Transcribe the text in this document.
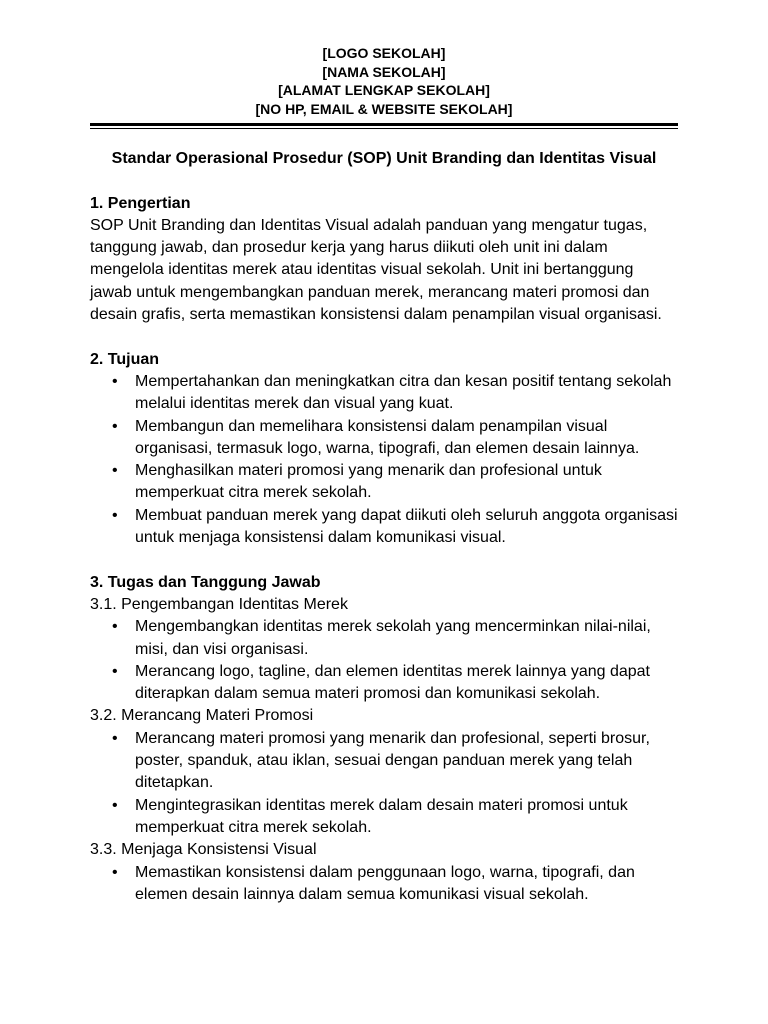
[LOGO SEKOLAH]
[NAMA SEKOLAH]
[ALAMAT LENGKAP SEKOLAH]
[NO HP, EMAIL & WEBSITE SEKOLAH]

Standar Operasional Prosedur (SOP) Unit Branding dan Identitas Visual

1. Pengertian

SOP Unit Branding dan Identitas Visual adalah panduan yang mengatur tugas, tanggung jawab, dan prosedur kerja yang harus diikuti oleh unit ini dalam mengelola identitas merek atau identitas visual sekolah. Unit ini bertanggung jawab untuk mengembangkan panduan merek, merancang materi promosi dan desain grafis, serta memastikan konsistensi dalam penampilan visual organisasi.

2. Tujuan

• Mempertahankan dan meningkatkan citra dan kesan positif tentang sekolah melalui identitas merek dan visual yang kuat.
• Membangun dan memelihara konsistensi dalam penampilan visual organisasi, termasuk logo, warna, tipografi, dan elemen desain lainnya.
• Menghasilkan materi promosi yang menarik dan profesional untuk memperkuat citra merek sekolah.
• Membuat panduan merek yang dapat diikuti oleh seluruh anggota organisasi untuk menjaga konsistensi dalam komunikasi visual.

3. Tugas dan Tanggung Jawab

3.1. Pengembangan Identitas Merek

• Mengembangkan identitas merek sekolah yang mencerminkan nilai-nilai, misi, dan visi organisasi.
• Merancang logo, tagline, dan elemen identitas merek lainnya yang dapat diterapkan dalam semua materi promosi dan komunikasi sekolah.

3.2. Merancang Materi Promosi

• Merancang materi promosi yang menarik dan profesional, seperti brosur, poster, spanduk, atau iklan, sesuai dengan panduan merek yang telah ditetapkan.
• Mengintegrasikan identitas merek dalam desain materi promosi untuk memperkuat citra merek sekolah.

3.3. Menjaga Konsistensi Visual

• Memastikan konsistensi dalam penggunaan logo, warna, tipografi, dan elemen desain lainnya dalam semua komunikasi visual sekolah.
